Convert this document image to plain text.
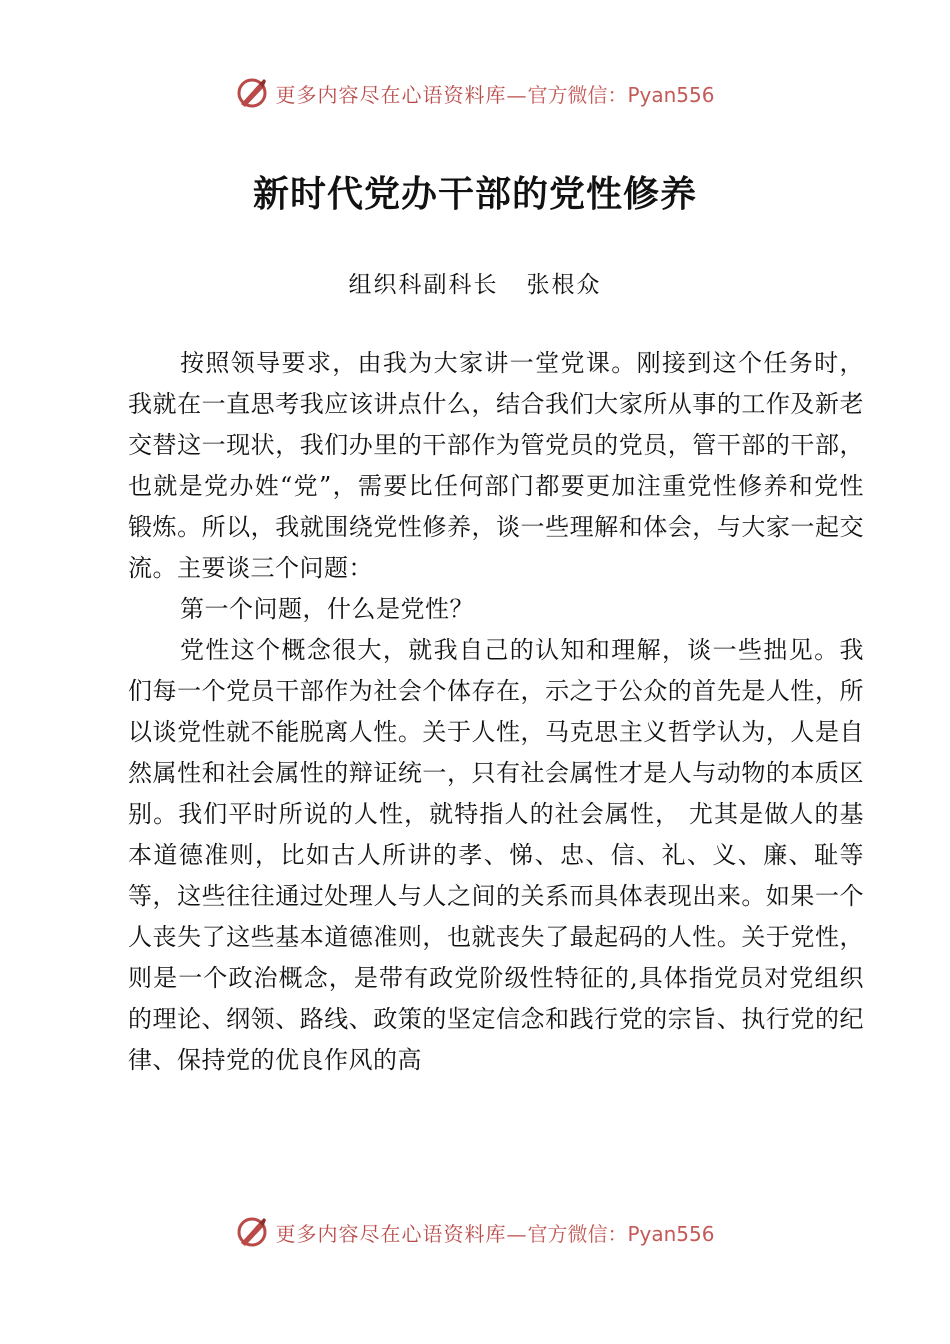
更多内容尽在心语资料库— 官方微信：Pyan556
新时代党办干部的党性修养
组织科副科长   张根众

按照领导要求，由我为大家讲一堂党课。刚接到这个任务时，我就在一直思考我应该讲点什么，结合我们大家所从事的工作及新老交替这一现状，我们办里的干部作为管党员的党员，管干部的干部，也就是党办姓“党”，需要比任何部门都要更加注重党性修养和党性锻炼。所以，我就围绕党性修养，谈一些理解和体会，与大家一起交流。主要谈三个问题：

第一个问题，什么是党性？

党性这个概念很大，就我自己的认知和理解，谈一些拙见。我们每一个党员干部作为社会个体存在，示之于公众的首先是人性，所以谈党性就不能脱离人性。关于人性，马克思主义哲学认为，人是自然属性和社会属性的辩证统一，只有社会属性才是人与动物的本质区别。我们平时所说的人性，就特指人的社会属性， 尤其是做人的基本道德准则，比如古人所讲的孝、悌、忠、信、礼、义、廉、耻等等，这些往往通过处理人与人之间的关系而具体表现出来。如果一个人丧失了这些基本道德准则，也就丧失了最起码的人性。关于党性，则是一个政治概念，是带有政党阶级性特征的,具体指党员对党组织的理论、纲领、路线、政策的坚定信念和践行党的宗旨、执行党的纪律、保持党的优良作风的高

更多内容尽在心语资料库— 官方微信：Pyan556
